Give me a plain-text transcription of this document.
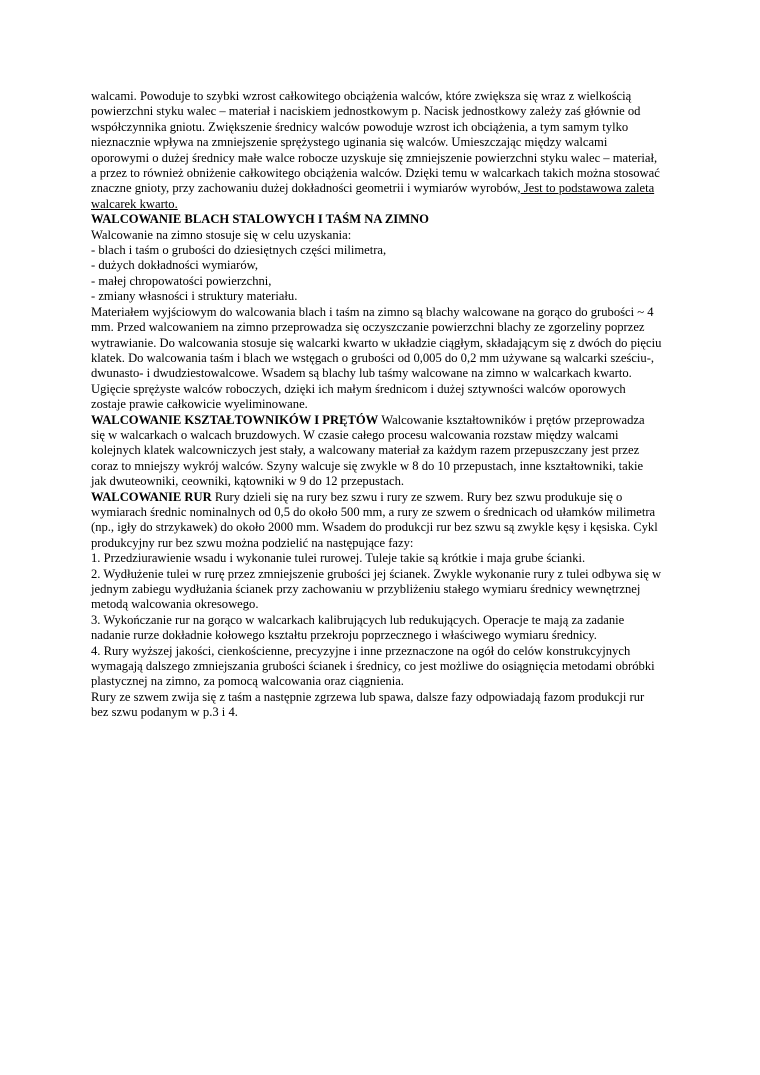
walcami. Powoduje to szybki wzrost całkowitego obciążenia walców, które zwiększa się wraz z wielkością
powierzchni styku walec – materiał i naciskiem jednostkowym p. Nacisk jednostkowy zależy zaś głównie od
współczynnika gniotu. Zwiększenie średnicy walców powoduje wzrost ich obciążenia, a tym samym tylko
nieznacznie wpływa na zmniejszenie sprężystego uginania się walców. Umieszczając między walcami
oporowymi o dużej średnicy małe walce robocze uzyskuje się zmniejszenie powierzchni styku walec – materiał,
a przez to również obniżenie całkowitego obciążenia walców. Dzięki temu w walcarkach takich można stosować
znaczne gnioty, przy zachowaniu dużej dokładności geometrii i wymiarów wyrobów, Jest to podstawowa zaleta
walcarek kwarto.
WALCOWANIE BLACH STALOWYCH I TAŚM NA ZIMNO
Walcowanie na zimno stosuje się w celu uzyskania:
- blach i taśm o grubości do dziesiętnych części milimetra,
- dużych dokładności wymiarów,
- małej chropowatości powierzchni,
- zmiany własności i struktury materiału.
Materiałem wyjściowym do walcowania blach i taśm na zimno są blachy walcowane na gorąco do grubości ~ 4
mm. Przed walcowaniem na zimno przeprowadza się oczyszczanie powierzchni blachy ze zgorzeliny poprzez
wytrawianie. Do walcowania stosuje się walcarki kwarto w układzie ciągłym, składającym się z dwóch do pięciu
klatek. Do walcowania taśm i blach we wstęgach o grubości od 0,005 do 0,2 mm używane są walcarki sześciu-,
dwunasto- i dwudziestowalcowe. Wsadem są blachy lub taśmy walcowane na zimno w walcarkach kwarto.
Ugięcie sprężyste walców roboczych, dzięki ich małym średnicom i dużej sztywności walców oporowych
zostaje prawie całkowicie wyeliminowane.
WALCOWANIE KSZTAŁTOWNIKÓW I PRĘTÓW Walcowanie kształtowników i prętów przeprowadza
się w walcarkach o walcach bruzdowych. W czasie całego procesu walcowania rozstaw między walcami
kolejnych klatek walcowniczych jest stały, a walcowany materiał za każdym razem przepuszczany jest przez
coraz to mniejszy wykrój walców. Szyny walcuje się zwykle w 8 do 10 przepustach, inne kształtowniki, takie
jak dwuteowniki, ceowniki, kątowniki w 9 do 12 przepustach.
WALCOWANIE RUR Rury dzieli się na rury bez szwu i rury ze szwem. Rury bez szwu produkuje się o
wymiarach średnic nominalnych od 0,5 do około 500 mm, a rury ze szwem o średnicach od ułamków milimetra
(np., igły do strzykawek) do około 2000 mm. Wsadem do produkcji rur bez szwu są zwykle kęsy i kęsiska. Cykl
produkcyjny rur bez szwu można podzielić na następujące fazy:
1. Przedziurawienie wsadu i wykonanie tulei rurowej. Tuleje takie są krótkie i maja grube ścianki.
2. Wydłużenie tulei w rurę przez zmniejszenie grubości jej ścianek. Zwykle wykonanie rury z tulei odbywa się w
jednym zabiegu wydłużania ścianek przy zachowaniu w przybliżeniu stałego wymiaru średnicy wewnętrznej
metodą walcowania okresowego.
3. Wykończanie rur na gorąco w walcarkach kalibrujących lub redukujących. Operacje te mają za zadanie
nadanie rurze dokładnie kołowego kształtu przekroju poprzecznego i właściwego wymiaru średnicy.
4. Rury wyższej jakości, cienkościenne, precyzyjne i inne przeznaczone na ogół do celów konstrukcyjnych
wymagają dalszego zmniejszania grubości ścianek i średnicy, co jest możliwe do osiągnięcia metodami obróbki
plastycznej na zimno, za pomocą walcowania oraz ciągnienia.
Rury ze szwem zwija się z taśm a następnie zgrzewa lub spawa, dalsze fazy odpowiadają fazom produkcji rur
bez szwu podanym w p.3 i 4.
